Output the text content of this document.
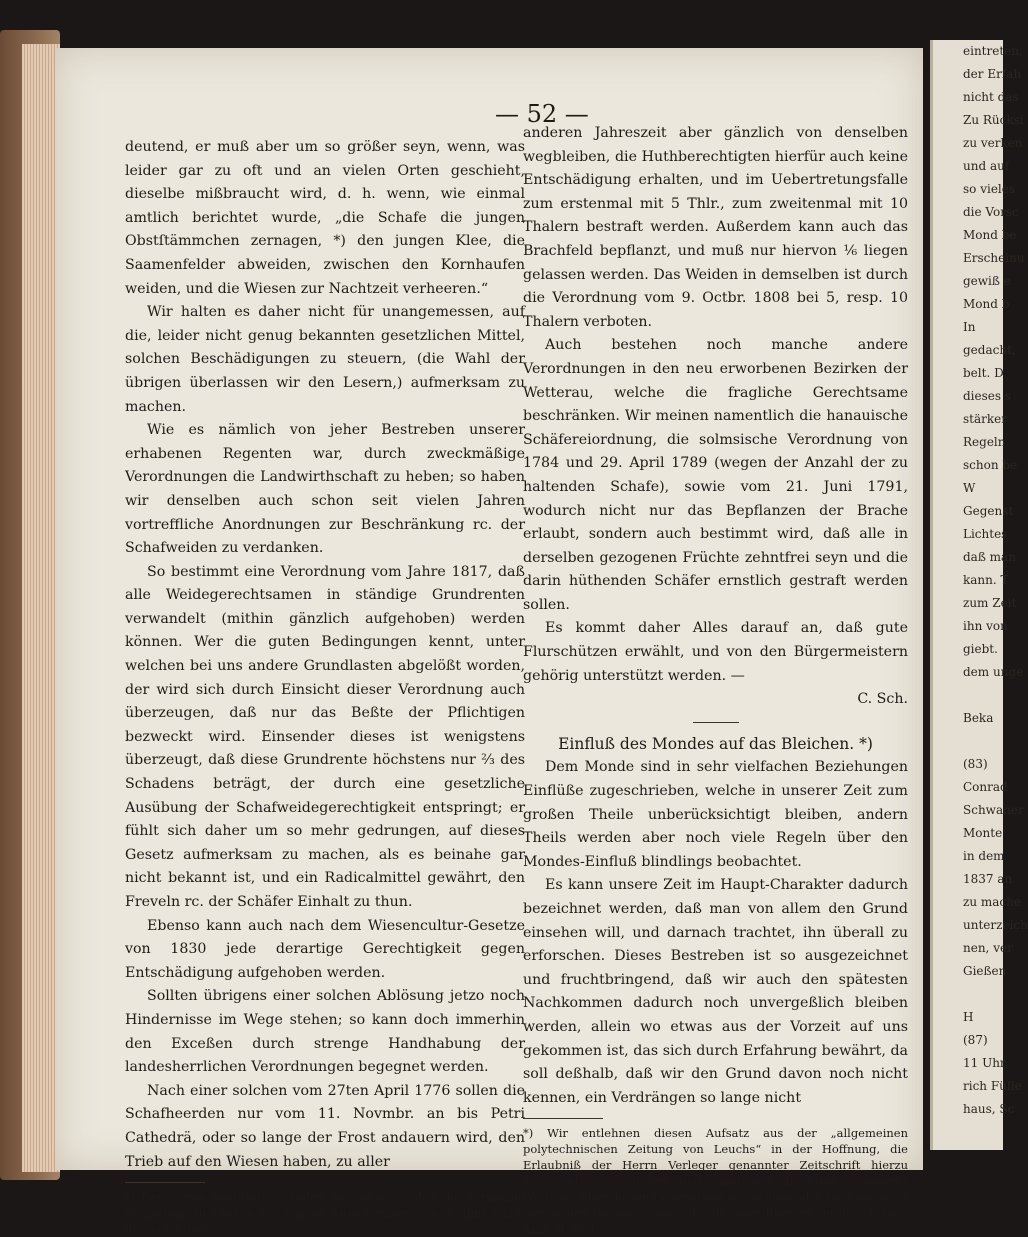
— 52 —

deutend, er muß aber um so größer seyn, wenn, was leider gar zu oft und an vielen Orten geschieht, dieselbe mißbraucht wird, d. h. wenn, wie einmal amtlich berichtet wurde, „die Schafe die jungen Obstſtämmchen zernagen, *) den jungen Klee, die Saamenfelder abweiden, zwischen den Kornhaufen weiden, und die Wiesen zur Nachtzeit verheeren.“

Wir halten es daher nicht für unangemessen, auf die, leider nicht genug bekannten gesetzlichen Mittel, solchen Beschädigungen zu steuern, (die Wahl der übrigen überlassen wir den Lesern,) aufmerksam zu machen.

Wie es nämlich von jeher Bestreben unserer erhabenen Regenten war, durch zweckmäßige Verordnungen die Landwirthschaft zu heben; so haben wir denselben auch schon seit vielen Jahren vortreffliche Anordnungen zur Beschränkung rc. der Schafweiden zu verdanken.

So bestimmt eine Verordnung vom Jahre 1817, daß alle Weidegerechtsamen in ständige Grundrenten verwandelt (mithin gänzlich aufgehoben) werden können. Wer die guten Bedingungen kennt, unter welchen bei uns andere Grundlasten abgelößt worden, der wird sich durch Einsicht dieser Verordnung auch überzeugen, daß nur das Beßte der Pflichtigen bezweckt wird. Einsender dieses ist wenigstens überzeugt, daß diese Grundrente höchstens nur ²⁄₃ des Schadens beträgt, der durch eine gesetzliche Ausübung der Schafweidegerechtigkeit entspringt; er fühlt sich daher um so mehr gedrungen, auf dieses Gesetz aufmerksam zu machen, als es beinahe gar nicht bekannt ist, und ein Radicalmittel gewährt, den Freveln rc. der Schäfer Einhalt zu thun.

Ebenso kann auch nach dem Wiesencultur-Gesetze von 1830 jede derartige Gerechtigkeit gegen Entschädigung aufgehoben werden.

Sollten übrigens einer solchen Ablösung jetzo noch Hindernisse im Wege stehen; so kann doch immerhin den Exceßen durch strenge Handhabung der landesherrlichen Verordnungen begegnet werden.

Nach einer solchen vom 27ten April 1776 sollen die Schafheerden nur vom 11. Novmbr. an bis Petri Cathedrä, oder so lange der Frost andauern wird, den Trieb auf den Wiesen haben, zu aller

*) Der hieran gestiftete Schaden war so groß, daß die vormalige Regierung zu Gießen ein eignes Ausschreiben, am 9. Juni 1827, deßhalb erließ.

anderen Jahreszeit aber gänzlich von denselben wegbleiben, die Huthberechtigten hierfür auch keine Entschädigung erhalten, und im Uebertretungsfalle zum erstenmal mit 5 Thlr., zum zweitenmal mit 10 Thalern bestraft werden. Außerdem kann auch das Brachfeld bepflanzt, und muß nur hiervon ¹⁄₆ liegen gelassen werden. Das Weiden in demselben ist durch die Verordnung vom 9. Octbr. 1808 bei 5, resp. 10 Thalern verboten.

Auch bestehen noch manche andere Verordnungen in den neu erworbenen Bezirken der Wetterau, welche die fragliche Gerechtsame beschränken. Wir meinen namentlich die hanauische Schäfereiordnung, die solmsische Verordnung von 1784 und 29. April 1789 (wegen der Anzahl der zu haltenden Schafe), sowie vom 21. Juni 1791, wodurch nicht nur das Bepflanzen der Brache erlaubt, sondern auch bestimmt wird, daß alle in derselben gezogenen Früchte zehntfrei seyn und die darin hüthenden Schäfer ernstlich gestraft werden sollen.

Es kommt daher Alles darauf an, daß gute Flurschützen erwählt, und von den Bürgermeistern gehörig unterstützt werden. —

C. Sch.

Einfluß des Mondes auf das Bleichen. *)

Dem Monde sind in sehr vielfachen Beziehungen Einflüße zugeschrieben, welche in unserer Zeit zum großen Theile unberücksichtigt bleiben, andern Theils werden aber noch viele Regeln über den Mondes-Einfluß blindlings beobachtet.

Es kann unsere Zeit im Haupt-Charakter dadurch bezeichnet werden, daß man von allem den Grund einsehen will, und darnach trachtet, ihn überall zu erforschen. Dieses Bestreben ist so ausgezeichnet und fruchtbringend, daß wir auch den spätesten Nachkommen dadurch noch unvergeßlich bleiben werden, allein wo etwas aus der Vorzeit auf uns gekommen ist, das sich durch Erfahrung bewährt, da soll deßhalb, daß wir den Grund davon noch nicht kennen, ein Verdrängen so lange nicht

*) Wir entlehnen diesen Aufsatz aus der „allgemeinen polytechnischen Zeitung von Leuchs“ in der Hoffnung, die Erlaubniß der Herrn Verleger genannter Zeitschrift hierzu voraussetzen zu dürfen, und anzuregen, die etwa in unserer Wetterau über diesen Gegenstand gemachten oder noch gemacht werdenden Beobachtungen durch unser Blatt zu veröffentlichen. Anm. d. Red.

eintreten,
der Erfah
nicht das
Zu Rücksi
zu verken
und auf
so vieles
die Vorsc
Mond be
Erscheinu
gewiß e
Mond b
In
gedacht,
belt. D
dieses s
stärker
Regeln
schon be
W
Gegenst
Lichtes
daß man
kann. T
zum Zeit
ihn von
giebt.
dem unge

Beka

(83)
Conrad
Schwaner
Monte
in dem
1837 an
zu mache
unterzeich
nen, ver
Gießen

H
(87)
11 Uhr,
rich Fülle
haus, Sc
